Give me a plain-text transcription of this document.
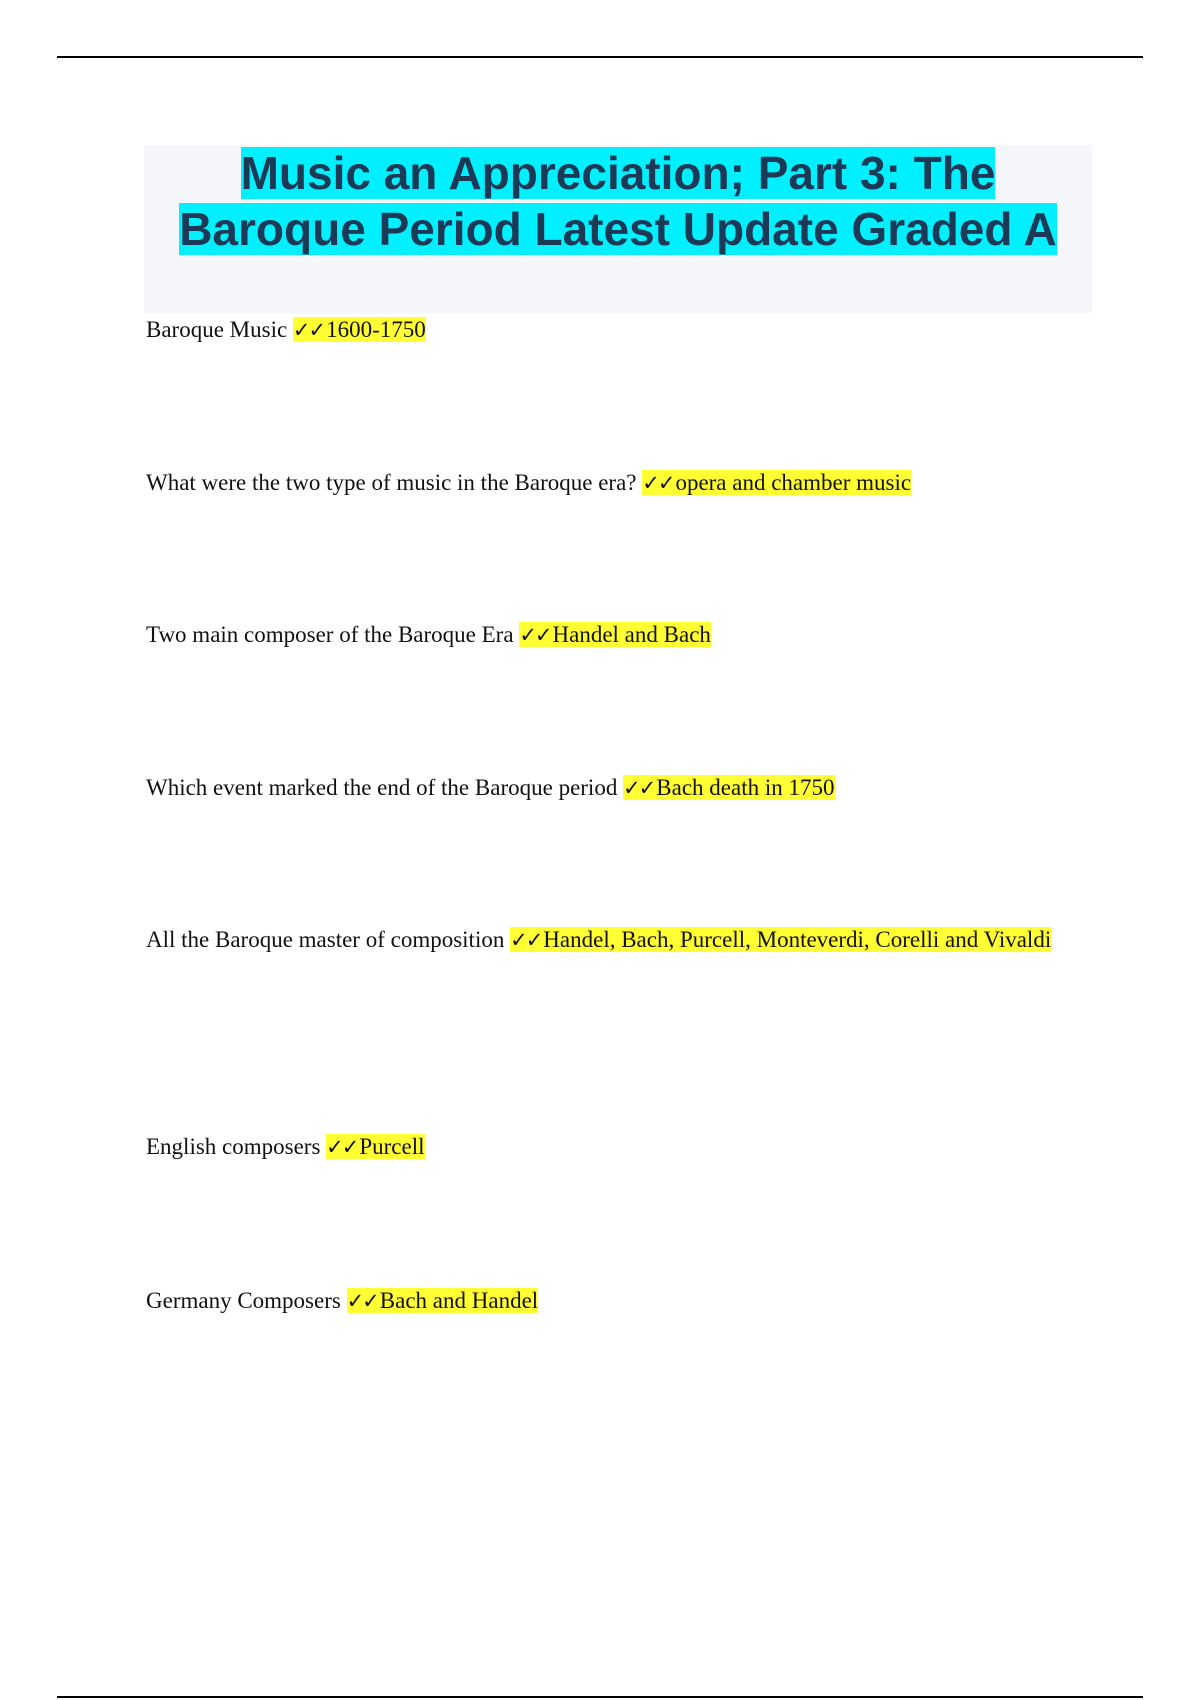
Music an Appreciation; Part 3: The Baroque Period Latest Update Graded A
Baroque Music ✓✓1600-1750
What were the two type of music in the Baroque era? ✓✓opera and chamber music
Two main composer of the Baroque Era ✓✓Handel and Bach
Which event marked the end of the Baroque period ✓✓Bach death in 1750
All the Baroque master of composition ✓✓Handel, Bach, Purcell, Monteverdi, Corelli and Vivaldi
English composers ✓✓Purcell
Germany Composers ✓✓Bach and Handel
